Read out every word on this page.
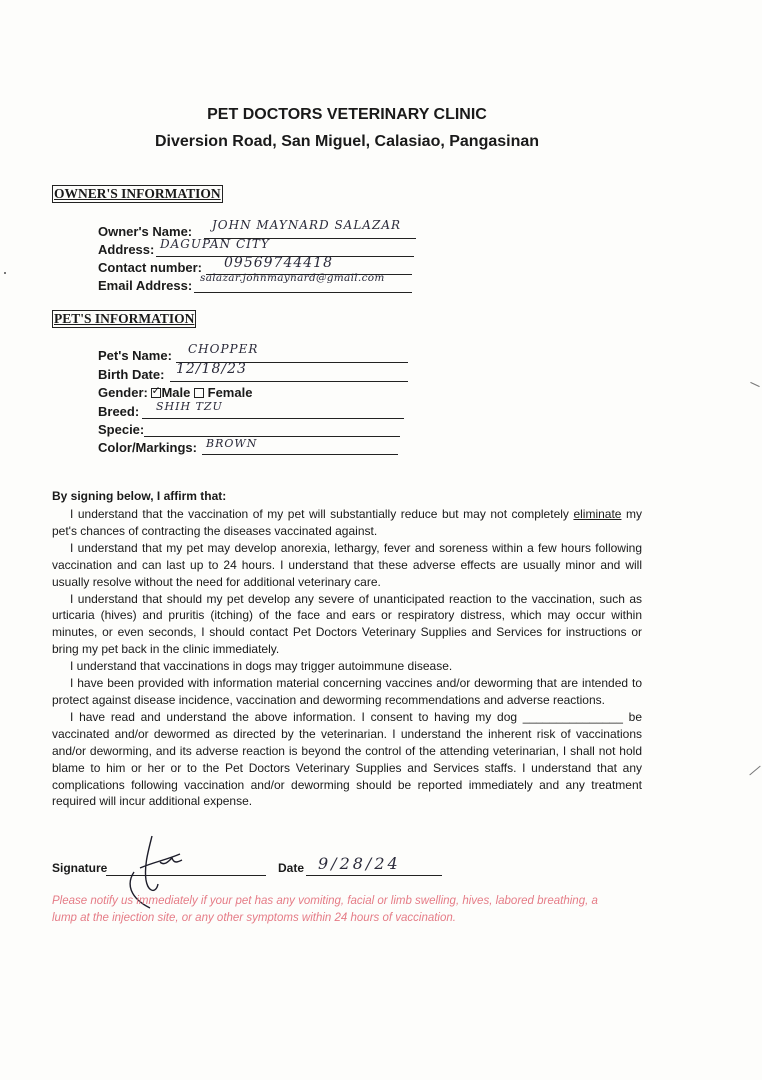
PET DOCTORS VETERINARY CLINIC
Diversion Road, San Miguel, Calasiao, Pangasinan
OWNER'S INFORMATION
Owner's Name: JOHN MAYNARD SALAZAR
Address: DAGUPAN CITY
Contact number: 09569744418
Email Address: salazar.johnmaynard@gmail.com
PET'S INFORMATION
Pet's Name: CHOPPER
Birth Date: 12/18/23
Gender: ✓ Male Female
Breed: SHIH TZU
Specie:
Color/Markings: BROWN
By signing below, I affirm that:

I understand that the vaccination of my pet will substantially reduce but may not completely eliminate my pet's chances of contracting the diseases vaccinated against.

I understand that my pet may develop anorexia, lethargy, fever and soreness within a few hours following vaccination and can last up to 24 hours. I understand that these adverse effects are usually minor and will usually resolve without the need for additional veterinary care.

I understand that should my pet develop any severe of unanticipated reaction to the vaccination, such as urticaria (hives) and pruritis (itching) of the face and ears or respiratory distress, which may occur within minutes, or even seconds, I should contact Pet Doctors Veterinary Supplies and Services for instructions or bring my pet back in the clinic immediately.

I understand that vaccinations in dogs may trigger autoimmune disease.

I have been provided with information material concerning vaccines and/or deworming that are intended to protect against disease incidence, vaccination and deworming recommendations and adverse reactions.

I have read and understand the above information. I consent to having my dog _______________ be vaccinated and/or dewormed as directed by the veterinarian. I understand the inherent risk of vaccinations and/or deworming, and its adverse reaction is beyond the control of the attending veterinarian, I shall not hold blame to him or her or to the Pet Doctors Veterinary Supplies and Services staffs. I understand that any complications following vaccination and/or deworming should be reported immediately and any treatment required will incur additional expense.

Signature	Date 9/28/24
Please notify us immediately if your pet has any vomiting, facial or limb swelling, hives, labored breathing, a lump at the injection site, or any other symptoms within 24 hours of vaccination.
